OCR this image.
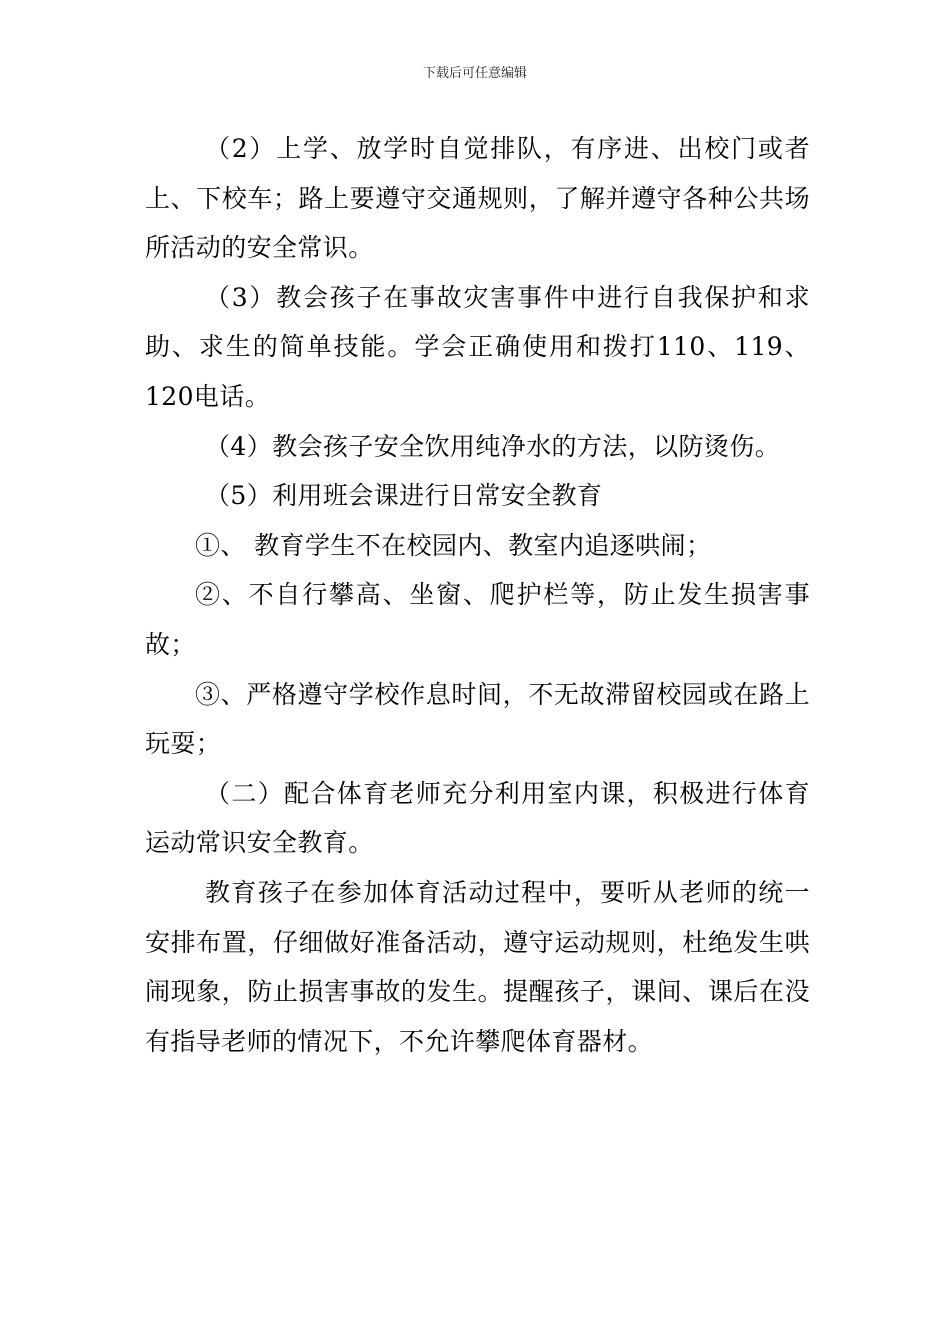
下载后可任意编辑

（2）上学、放学时自觉排队，有序进、出校门或者上、下校车；路上要遵守交通规则，了解并遵守各种公共场所活动的安全常识。

（3）教会孩子在事故灾害事件中进行自我保护和求助、求生的简单技能。学会正确使用和拨打110、119、120电话。

（4）教会孩子安全饮用纯净水的方法，以防烫伤。

（5）利用班会课进行日常安全教育

①、 教育学生不在校园内、教室内追逐哄闹；

②、不自行攀高、坐窗、爬护栏等，防止发生损害事故；

③、严格遵守学校作息时间，不无故滞留校园或在路上玩耍；

（二）配合体育老师充分利用室内课，积极进行体育运动常识安全教育。

教育孩子在参加体育活动过程中，要听从老师的统一安排布置，仔细做好准备活动，遵守运动规则，杜绝发生哄闹现象，防止损害事故的发生。提醒孩子，课间、课后在没有指导老师的情况下，不允许攀爬体育器材。
